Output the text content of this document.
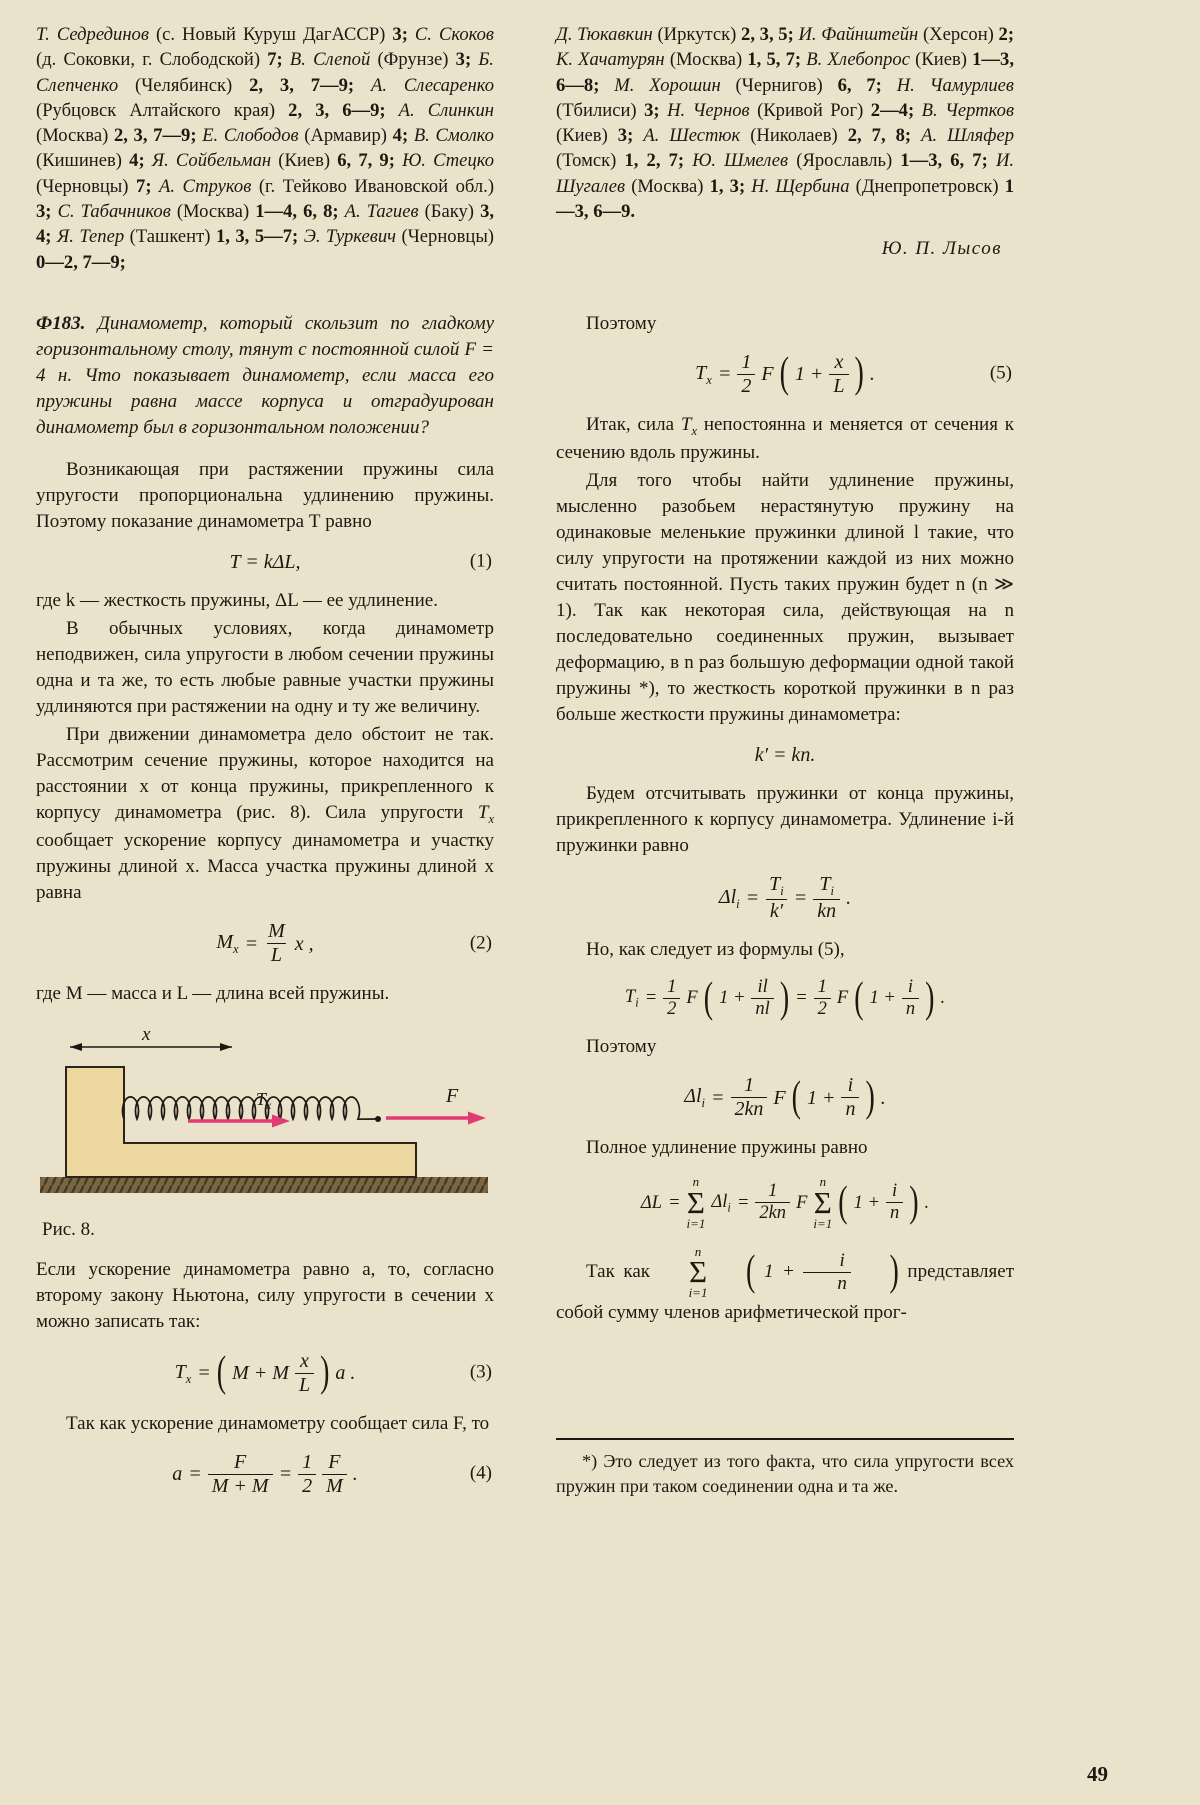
Т. Седрединов (с. Новый Куруш ДагАССР) 3; С. Скоков (д. Соковки, г. Слободской) 7; В. Слепой (Фрунзе) 3; Б. Слепченко (Челябинск) 2, 3, 7—9; А. Слесаренко (Рубцовск Алтайского края) 2, 3, 6—9; А. Слинкин (Москва) 2, 3, 7—9; Е. Слободов (Армавир) 4; В. Смолко (Кишинев) 4; Я. Сойбельман (Киев) 6, 7, 9; Ю. Стецко (Черновцы) 7; А. Струков (г. Тейково Ивановской обл.) 3; С. Табачников (Москва) 1—4, 6, 8; А. Тагиев (Баку) 3, 4; Я. Тепер (Ташкент) 1, 3, 5—7; Э. Туркевич (Черновцы) 0—2, 7—9;
Д. Тюкавкин (Иркутск) 2, 3, 5; И. Файнштейн (Херсон) 2; К. Хачатурян (Москва) 1, 5, 7; В. Хлебопрос (Киев) 1—3, 6—8; М. Хорошин (Чернигов) 6, 7; Н. Чамурлиев (Тбилиси) 3; Н. Чернов (Кривой Рог) 2—4; В. Чертков (Киев) 3; А. Шестюк (Николаев) 2, 7, 8; А. Шляфер (Томск) 1, 2, 7; Ю. Шмелев (Ярославль) 1—3, 6, 7; И. Шугалев (Москва) 1, 3; Н. Щербина (Днепропетровск) 1—3, 6—9.
Ю. П. Лысов

Ф183. Динамометр, который скользит по гладкому горизонтальному столу, тянут с постоянной силой F = 4 н. Что показывает динамометр, если масса его пружины равна массе корпуса и отградуирован динамометр был в горизонтальном положении?

Возникающая при растяжении пружины сила упругости пропорциональна удлинению пружины. Поэтому показание динамометра Т равно

T = kΔL,	(1)

где k — жесткость пружины, ΔL — ее удлинение.

В обычных условиях, когда динамометр неподвижен, сила упругости в любом сечении пружины одна и та же, то есть любые равные участки пружины удлиняются при растяжении на одну и ту же величину.

При движении динамометра дело обстоит не так. Рассмотрим сечение пружины, которое находится на расстоянии x от конца пружины, прикрепленного к корпусу динамометра (рис. 8). Сила упругости $T_x$ сообщает ускорение корпусу динамометра и участку пружины длиной x. Масса участка пружины длиной x равна

$M_x = \frac{M}{L}$ x ,	(2)

где М — масса и L — длина всей пружины.

x
$T_x$	F
Рис. 8.

Если ускорение динамометра равно a, то, согласно второму закону Ньютона, силу упругости в сечении x можно записать так:

$T_x$ = ( M + M $\frac{x}{L}$ ) a .	(3)

Так как ускорение динамометру сообщает сила F, то

$a = \frac{F}{M + M} = \frac{1}{2} \frac{F}{M}$ .	(4)

Поэтому

$T_x = \frac{1}{2}$ F ( $1 + \frac{x}{L}$ ) .	(5)

Итак, сила $T_x$ непостоянна и меняется от сечения к сечению вдоль пружины.

Для того чтобы найти удлинение пружины, мысленно разобьем нерастянутую пружину на одинаковые меленькие пружинки длиной l такие, что силу упругости на протяжении каждой из них можно считать постоянной. Пусть таких пружин будет n (n ≫ 1). Так как некоторая сила, действующая на n последовательно соединенных пружин, вызывает деформацию, в n раз большую деформации одной такой пружины *), то жесткость короткой пружинки в n раз больше жесткости пружины динамометра:

k′ = kn.

Будем отсчитывать пружинки от конца пружины, прикрепленного к корпусу динамометра. Удлинение i-й пружинки равно

$\Delta l_i = \frac{T_i}{k'} = \frac{T_i}{kn}$ .

Но, как следует из формулы (5),

$T_i = \frac{1}{2}$ F ( $1 + \frac{il}{nl}$ ) = $\frac{1}{2}$ F ( $1 + \frac{i}{n}$ ) .

Поэтому

$\Delta l_i = \frac{1}{2kn}$ F ( $1 + \frac{i}{n}$ ) .

Полное удлинение пружины равно

ΔL =
n
Σ
i=1
$\Delta l_i = \frac{1}{2kn}$ F
n
Σ
i=1 ( $1 + \frac{i}{n}$ ) .

Так как
n
Σ
i=1 ( $1 + \frac{i}{n}$ ) представляет собой сумму членов арифметической прог-

*) Это следует из того факта, что сила упругости всех пружин при таком соединении одна и та же.

49
